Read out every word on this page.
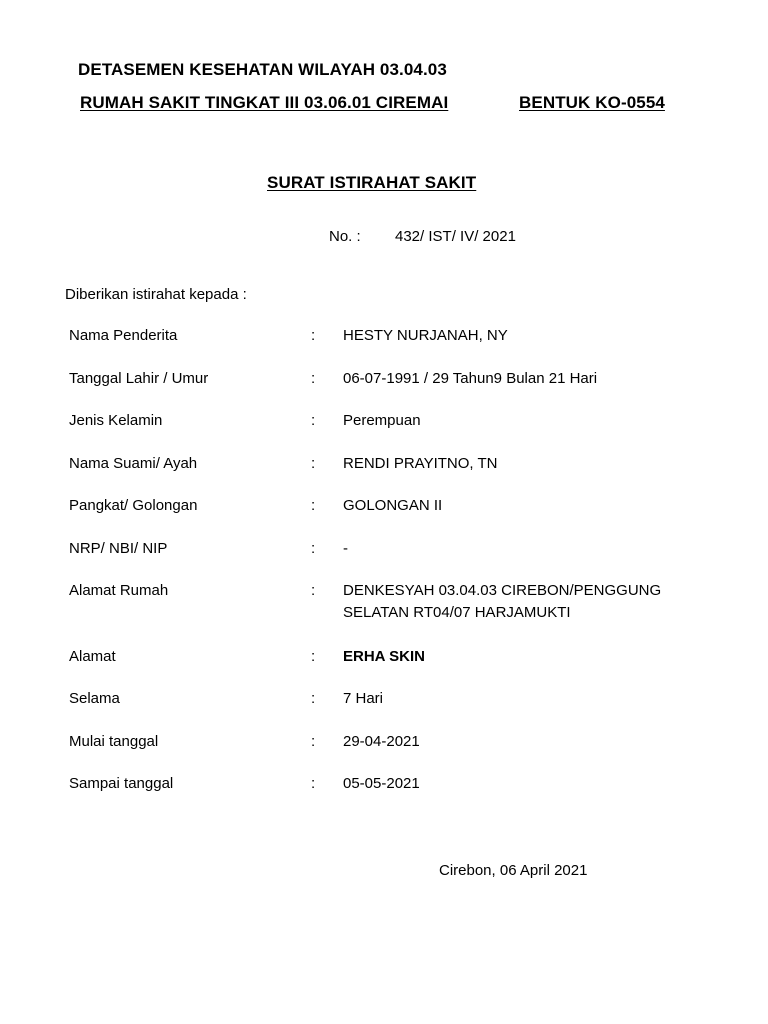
DETASEMEN KESEHATAN WILAYAH 03.04.03
RUMAH SAKIT TINGKAT III 03.06.01 CIREMAI	BENTUK KO-0554
SURAT ISTIRAHAT SAKIT
No. : 432/ IST/ IV/ 2021
Diberikan istirahat kepada :
Nama Penderita	: HESTY NURJANAH, NY
Tanggal Lahir / Umur	: 06-07-1991 / 29 Tahun9 Bulan 21 Hari
Jenis Kelamin	: Perempuan
Nama Suami/ Ayah	: RENDI PRAYITNO, TN
Pangkat/ Golongan	: GOLONGAN II
NRP/ NBI/ NIP	: -
Alamat Rumah	: DENKESYAH 03.04.03 CIREBON/PENGGUNG
SELATAN RT04/07 HARJAMUKTI
Alamat	: ERHA SKIN
Selama	: 7 Hari
Mulai tanggal	: 29-04-2021
Sampai tanggal	: 05-05-2021
Cirebon, 06 April 2021
